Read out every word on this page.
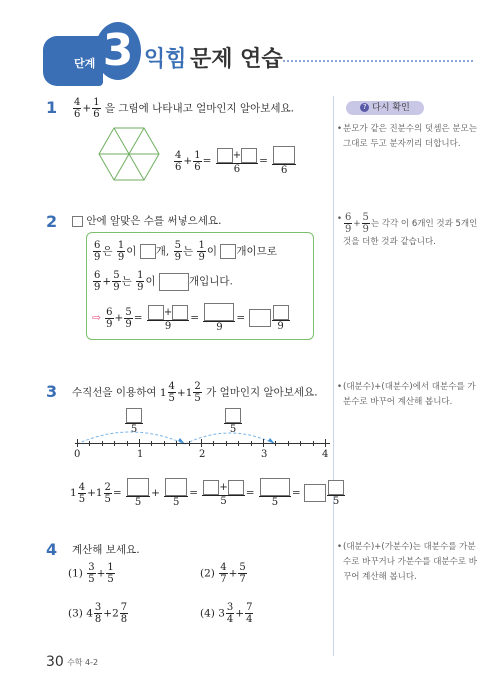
단계 3 익힘 문제 연습
? 다시 확인
• 분모가 같은 진분수의 덧셈은 분모는 그대로 두고 분자끼리 더합니다.
• $\frac{6}{9} + \frac{5}{9}$ 는 각각 이 6개인 것과 5개인 것을 더한 것과 같습니다.
• (대분수)+(대분수)에서 대분수를 가분수로 바꾸어 계산해 봅니다.
• (대분수)+(가분수)는 대분수를 가분수로 바꾸거나 가분수를 대분수로 바꾸어 계산해 봅니다.
$1 \frac{4}{6} + \frac{1}{6}$ 을 그림에 나타내고 얼마인지 알아보세요.
$\frac{4}{6} + \frac{1}{6} = \frac{+}{6}$ =
6
2	안에 알맞은 수를 써넣으세요.
$\frac{6}{9}$ 은 $\frac{1}{9}$ 이 개, $\frac{5}{9}$ 는 $\frac{1}{9}$ 이 개이므로
$\frac{6}{9} + \frac{5}{9}$ 는 $\frac{1}{9}$ 이	개입니다.
⇨ $\frac{6}{9} + \frac{5}{9} = \frac{+}{9}$ =
9
=
9
3 수직선을 이용하여 $1 \frac{4}{5} +1 \frac{2}{5}$ 가 얼마인지 알아보세요.
5	5
0	1	2	3	4
$1 \frac{4}{5} +1 \frac{2}{5}$ =
5
+
5
= $\frac{+}{5}$ =
5
=
5
4 계산해 보세요.
$(1) \frac{3}{5} + \frac{1}{5}$	$(2) \frac{4}{7} + \frac{5}{7}$
(3) $4 \frac{3}{8} +2 \frac{7}{8}$	(4) $3 \frac{3}{4} + \frac{7}{4}$
30 수학 4-2
